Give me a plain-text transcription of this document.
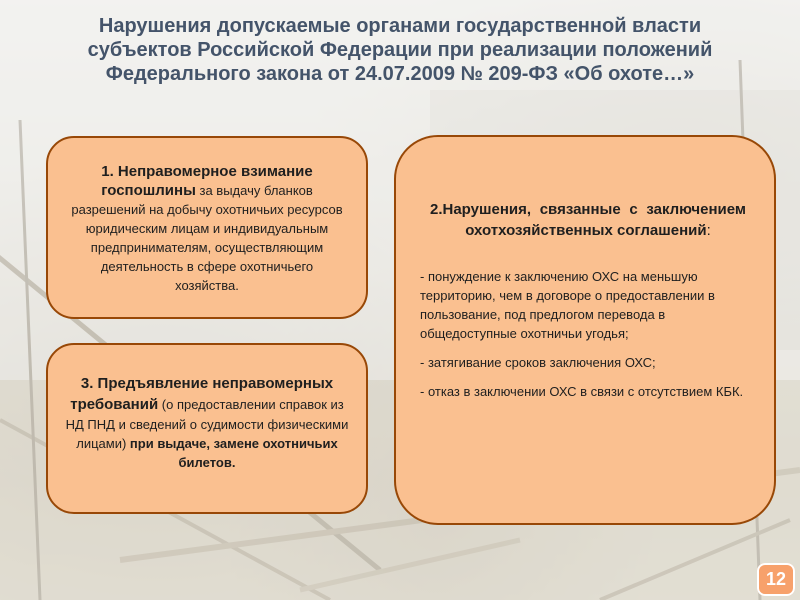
Нарушения допускаемые органами государственной власти
субъектов Российской Федерации при реализации положений
Федерального закона от 24.07.2009 № 209-ФЗ «Об охоте…»
1. Неправомерное взимание госпошлины за выдачу бланков разрешений на добычу охотничьих ресурсов юридическим лицам и индивидуальным предпринимателям, осуществляющим деятельность в сфере охотничьего хозяйства.
3. Предъявление неправомерных требований (о предоставлении справок из НД ПНД и сведений о судимости физическими лицами) при выдаче, замене охотничьих билетов.
2.Нарушения, связанные с заключением охотхозяйственных соглашений:
- понуждение к заключению ОХС на меньшую территорию, чем в договоре о предоставлении в пользование, под предлогом перевода в общедоступные охотничьи угодья;
- затягивание сроков заключения ОХС;
- отказ в заключении ОХС в связи с отсутствием КБК.
12
